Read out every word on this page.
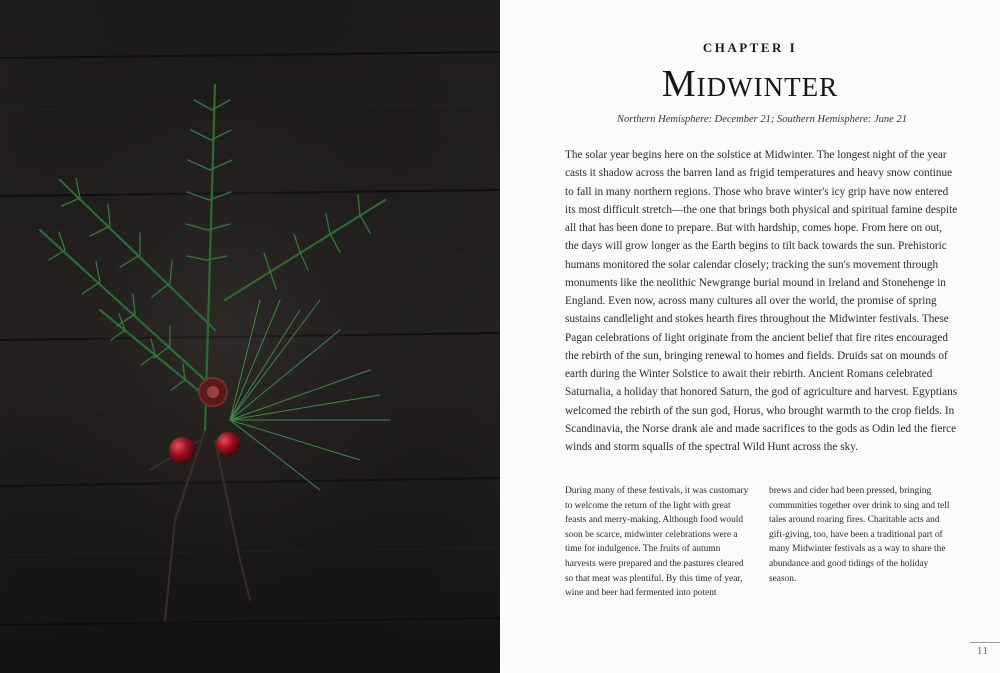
CHAPTER I
Midwinter
Northern Hemisphere: December 21; Southern Hemisphere: June 21

The solar year begins here on the solstice at Midwinter. The longest night of the year casts it shadow across the barren land as frigid temperatures and heavy snow continue to fall in many northern regions. Those who brave winter's icy grip have now entered its most difficult stretch—the one that brings both physical and spiritual famine despite all that has been done to prepare. But with hardship, comes hope. From here on out, the days will grow longer as the Earth begins to tilt back towards the sun. Prehistoric humans monitored the solar calendar closely; tracking the sun's movement through monuments like the neolithic Newgrange burial mound in Ireland and Stonehenge in England. Even now, across many cultures all over the world, the promise of spring sustains candlelight and stokes hearth fires throughout the Midwinter festivals. These Pagan celebrations of light originate from the ancient belief that fire rites encouraged the rebirth of the sun, bringing renewal to homes and fields. Druids sat on mounds of earth during the Winter Solstice to await their rebirth. Ancient Romans celebrated Saturnalia, a holiday that honored Saturn, the god of agriculture and harvest. Egyptians welcomed the rebirth of the sun god, Horus, who brought warmth to the crop fields. In Scandinavia, the Norse drank ale and made sacrifices to the gods as Odin led the fierce winds and storm squalls of the spectral Wild Hunt across the sky.

During many of these festivals, it was customary to welcome the return of the light with great feasts and merry-making. Although food would soon be scarce, midwinter celebrations were a time for indulgence. The fruits of autumn harvests were prepared and the pastures cleared so that meat was plentiful. By this time of year, wine and beer had fermented into potent

brews and cider had been pressed, bringing communities together over drink to sing and tell tales around roaring fires. Charitable acts and gift-giving, too, have been a traditional part of many Midwinter festivals as a way to share the abundance and good tidings of the holiday season.

11
